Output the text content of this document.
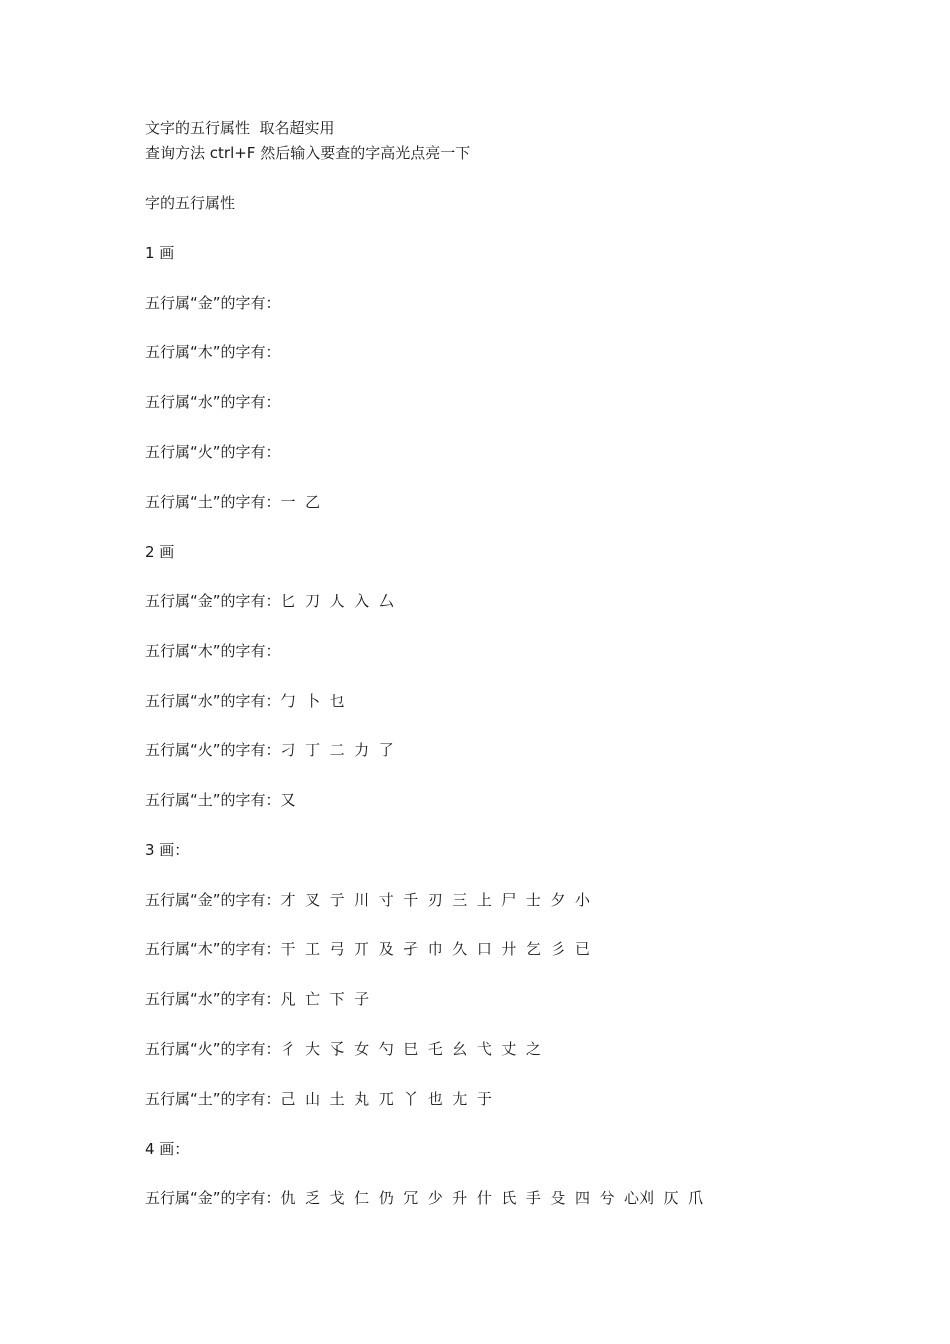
文字的五行属性  取名超实用
查询方法 ctrl+F 然后输入要查的字高光点亮一下
字的五行属性
1 画
五行属“金”的字有：
五行属“木”的字有：
五行属“水”的字有：
五行属“火”的字有：
五行属“土”的字有：一  乙
2 画
五行属“金”的字有：匕  刀  人  入  厶
五行属“木”的字有：
五行属“水”的字有：勹  卜  乜
五行属“火”的字有：刁  丁  二  力  了
五行属“土”的字有：又
3 画：
五行属“金”的字有：才  叉  亍  川  寸  千  刃  三  上  尸  士  夕  小
五行属“木”的字有：干  工  弓  丌  及  孑  巾  久  口  廾  乞  彡  已
五行属“水”的字有：凡  亡  下  子
五行属“火”的字有：彳  大  孓  女  勺  巳  乇  幺  弋  丈  之
五行属“土”的字有：己  山  土  丸  兀  丫  也  尢  于
4 画：
五行属“金”的字有：仇  乏  戈  仁  仍  冗  少  升  什  氏  手  殳  四  兮  心刈  仄  爪
